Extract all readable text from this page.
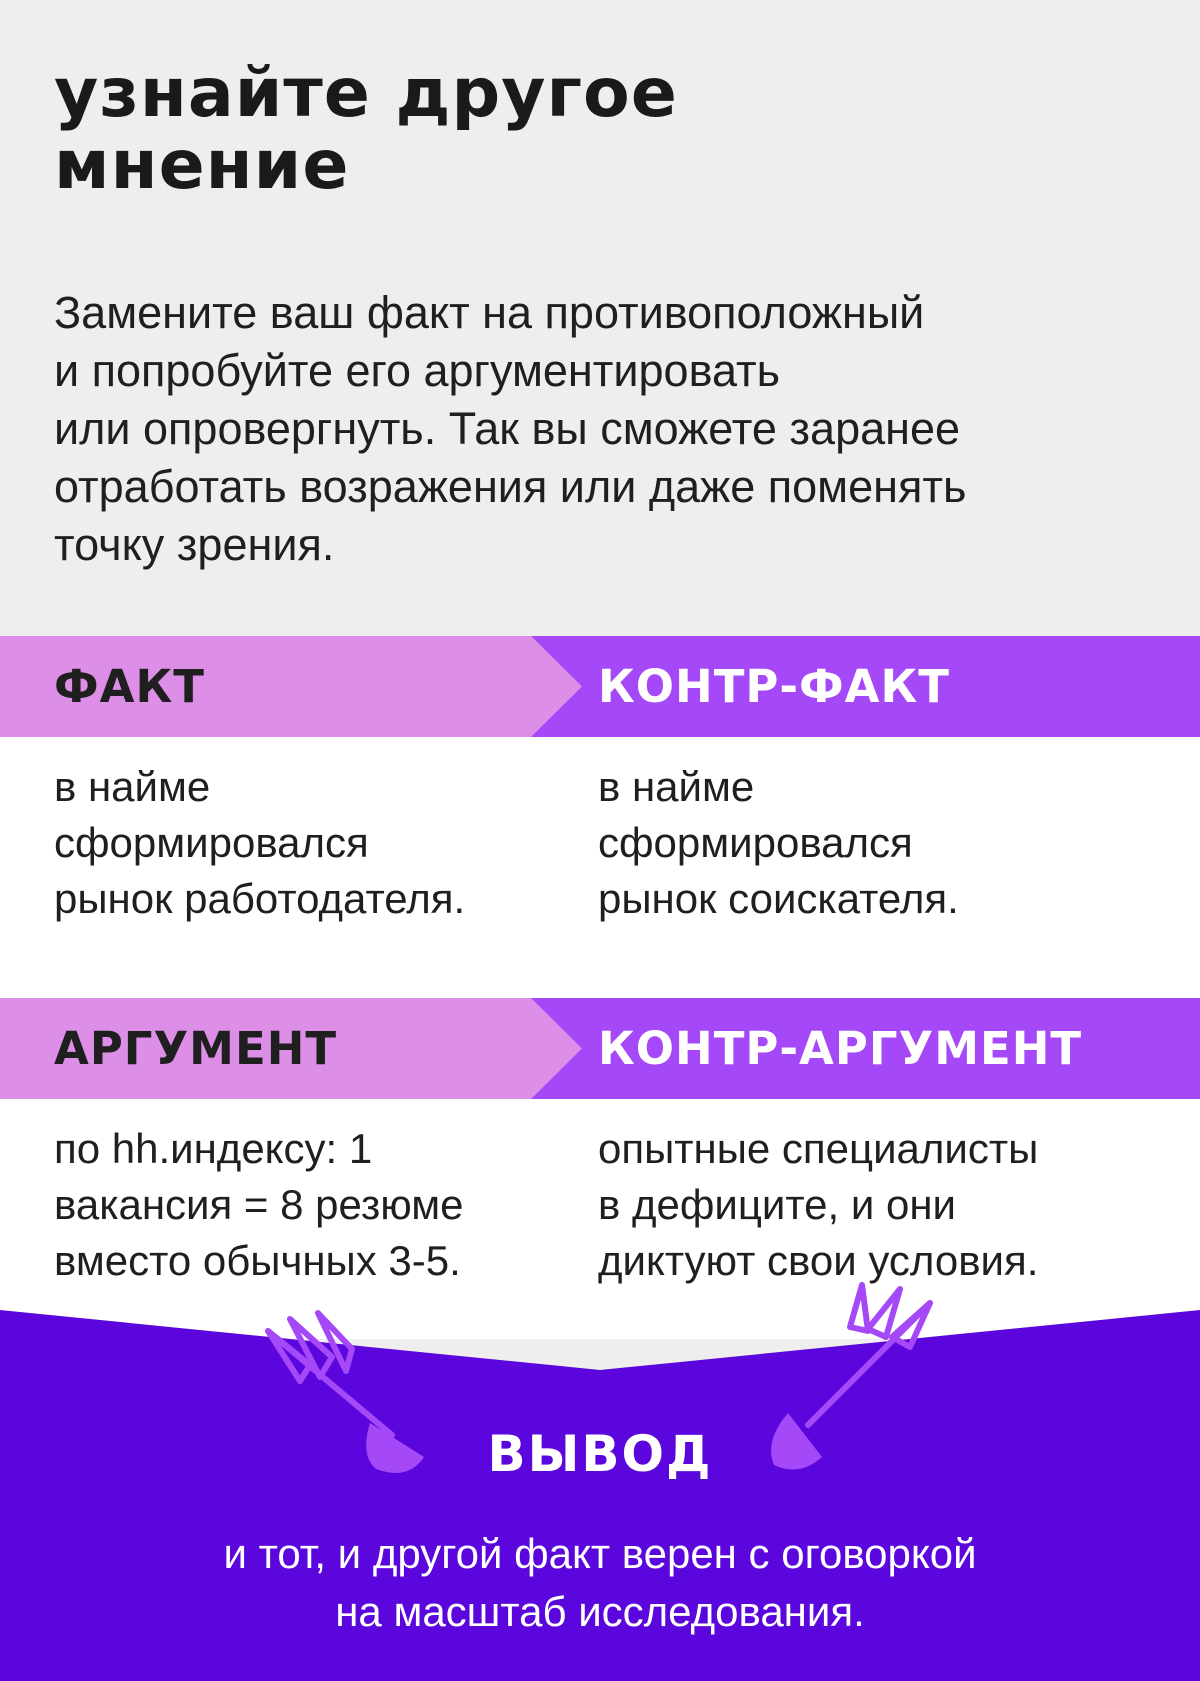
узнайте другое
мнение

Замените ваш факт на противоположный
и попробуйте его аргументировать
или опровергнуть. Так вы сможете заранее
отработать возражения или даже поменять
точку зрения.

ФАКТ	КОНТР-ФАКТ
в найме
сформировался
рынок работодателя.
в найме
сформировался
рынок соискателя.
АРГУМЕНТ	КОНТР-АРГУМЕНТ
по hh.индексу: 1
вакансия = 8 резюме
вместо обычных 3-5.
опытные специалисты
в дефиците, и они
диктуют свои условия.
ВЫВОД
и тот, и другой факт верен с оговоркой
на масштаб исследования.
